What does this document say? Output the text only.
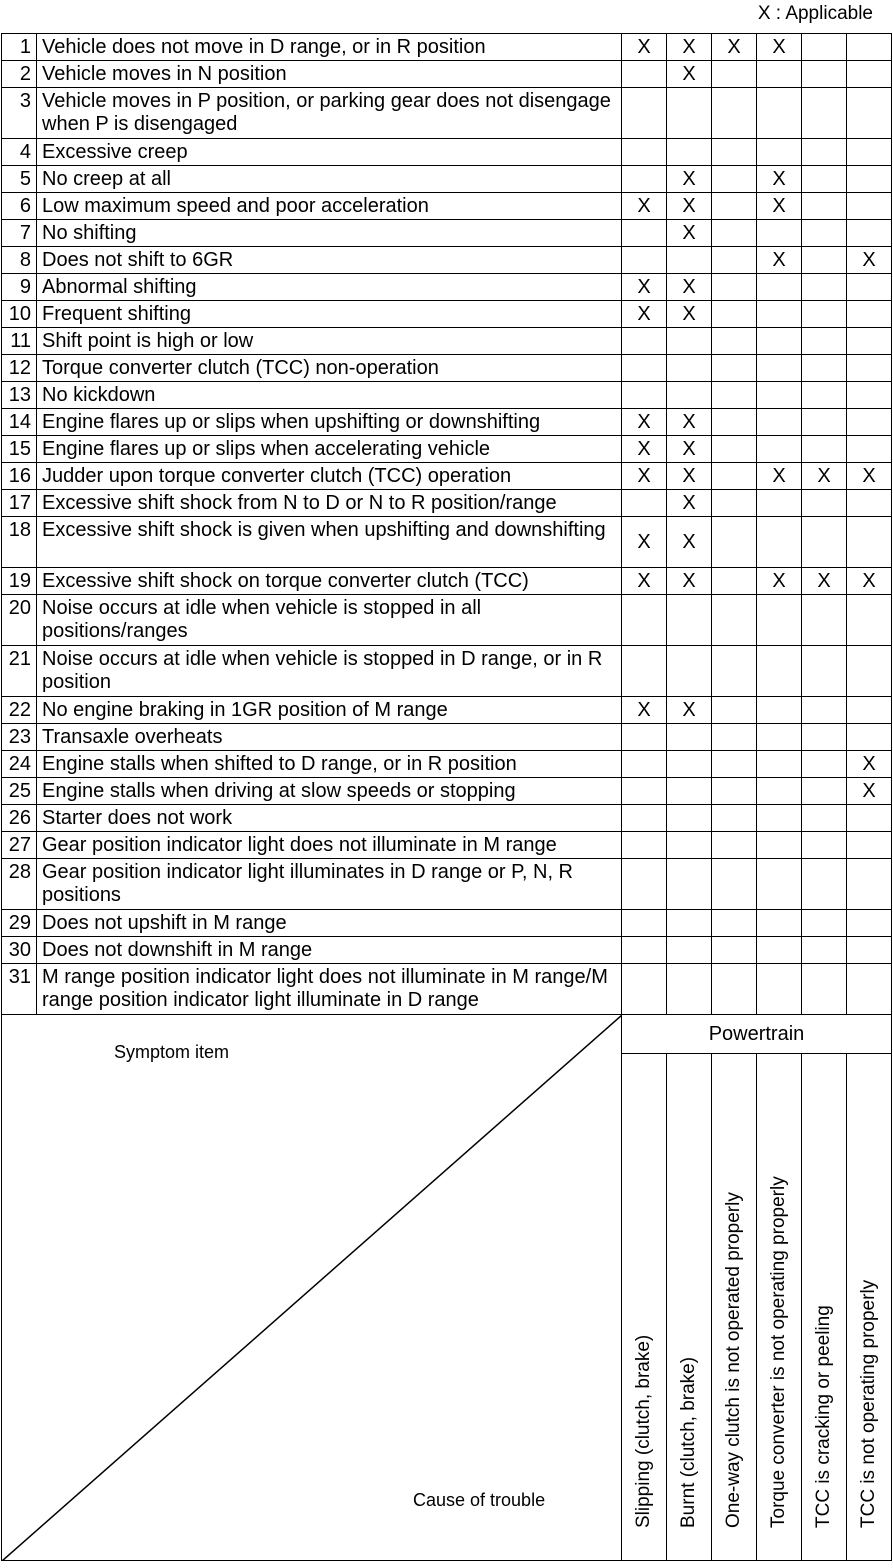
X : Applicable
1	Vehicle does not move in D range, or in R position	X	X	X	X		
2	Vehicle moves in N position		X				
3	Vehicle moves in P position, or parking gear does not disengage when P is disengaged						
4	Excessive creep						
5	No creep at all		X		X		
6	Low maximum speed and poor acceleration	X	X		X		
7	No shifting		X				
8	Does not shift to 6GR				X		X
9	Abnormal shifting	X	X				
10	Frequent shifting	X	X				
11	Shift point is high or low						
12	Torque converter clutch (TCC) non-operation						
13	No kickdown						
14	Engine flares up or slips when upshifting or downshifting	X	X				
15	Engine flares up or slips when accelerating vehicle	X	X				
16	Judder upon torque converter clutch (TCC) operation	X	X		X	X	X
17	Excessive shift shock from N to D or N to R position/range		X				
18	Excessive shift shock is given when upshifting and downshifting	X	X				
19	Excessive shift shock on torque converter clutch (TCC)	X	X		X	X	X
20	Noise occurs at idle when vehicle is stopped in all positions/ranges						
21	Noise occurs at idle when vehicle is stopped in D range, or in R position						
22	No engine braking in 1GR position of M range	X	X				
23	Transaxle overheats						
24	Engine stalls when shifted to D range, or in R position						X
25	Engine stalls when driving at slow speeds or stopping						X
26	Starter does not work						
27	Gear position indicator light does not illuminate in M range						
28	Gear position indicator light illuminates in D range or P, N, R positions						
29	Does not upshift in M range						
30	Does not downshift in M range						
31	M range position indicator light does not illuminate in M range/M range position indicator light illuminate in D range						

Symptom item
Cause of trouble		Powertrain					

		Slipping (clutch, brake)	Burnt (clutch, brake)	One-way clutch is not operated properly	Torque converter is not operating properly	TCC is cracking or peeling	TCC is not operating properly
